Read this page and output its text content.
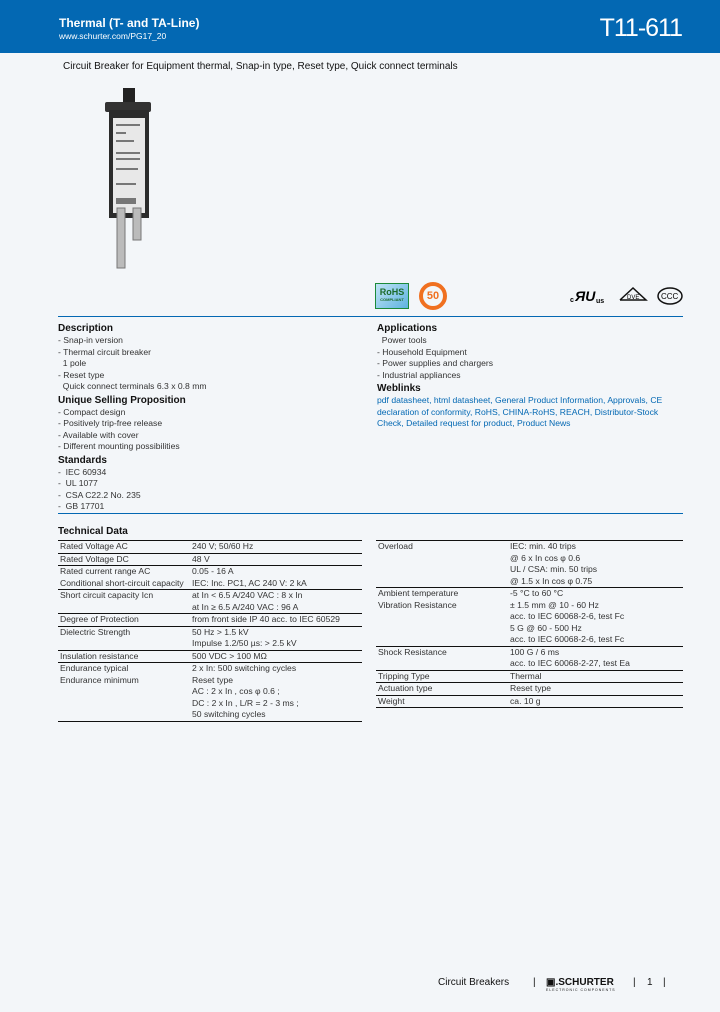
Thermal (T- and TA-Line)
www.schurter.com/PG17_20	T11-611
Circuit Breaker for Equipment thermal, Snap-in type, Reset type, Quick connect terminals
RoHS
COMPLIANT	50	c ЯU us	DVE	CCC
Description
- Snap-in version
- Thermal circuit breaker
1 pole
- Reset type
Quick connect terminals 6.3 x 0.8 mm
Unique Selling Proposition
- Compact design
- Positively trip-free release
- Available with cover
- Different mounting possibilities
Standards
-  IEC 60934
-  UL 1077
-  CSA C22.2 No. 235
-  GB 17701
Applications
Power tools
- Household Equipment
- Power supplies and chargers
- Industrial appliances
Weblinks
pdf datasheet, html datasheet, General Product Information, Approvals, CE declaration of conformity, RoHS, CHINA-RoHS, REACH, Distributor-Stock Check, Detailed request for product, Product News
Technical Data
Rated Voltage AC	240 V; 50/60 Hz
Rated Voltage DC	48 V
Rated current range AC	0.05 - 16 A
Conditional short-circuit capacity	IEC: Inc. PC1, AC 240 V: 2 kA
Short circuit capacity Icn	at In < 6.5 A/240 VAC : 8 x In
at In ≥ 6.5 A/240 VAC : 96 A
Degree of Protection	from front side IP 40 acc. to IEC 60529
Dielectric Strength	50 Hz > 1.5 kV
Impulse 1.2/50 µs: > 2.5 kV
Insulation resistance	500 VDC > 100 MΩ
Endurance typical	2 x In: 500 switching cycles
Endurance minimum	Reset type
AC : 2 x In , cos φ 0.6 ;
DC : 2 x In , L/R = 2 - 3 ms ;
50 switching cycles
Overload	IEC: min. 40 trips
@ 6 x In cos φ 0.6
UL / CSA: min. 50 trips
@ 1.5 x In cos φ 0.75
Ambient temperature	-5 °C to 60 °C
Vibration Resistance	± 1.5 mm @ 10 - 60 Hz
acc. to IEC 60068-2-6, test Fc
5 G @ 60 - 500 Hz
acc. to IEC 60068-2-6, test Fc
Shock Resistance	100 G / 6 ms
acc. to IEC 60068-2-27, test Ea
Tripping Type	Thermal
Actuation type	Reset type
Weight	ca. 10 g
Circuit Breakers | ▣.SCHURTER
ELECTRONIC COMPONENTS
| 1 |
